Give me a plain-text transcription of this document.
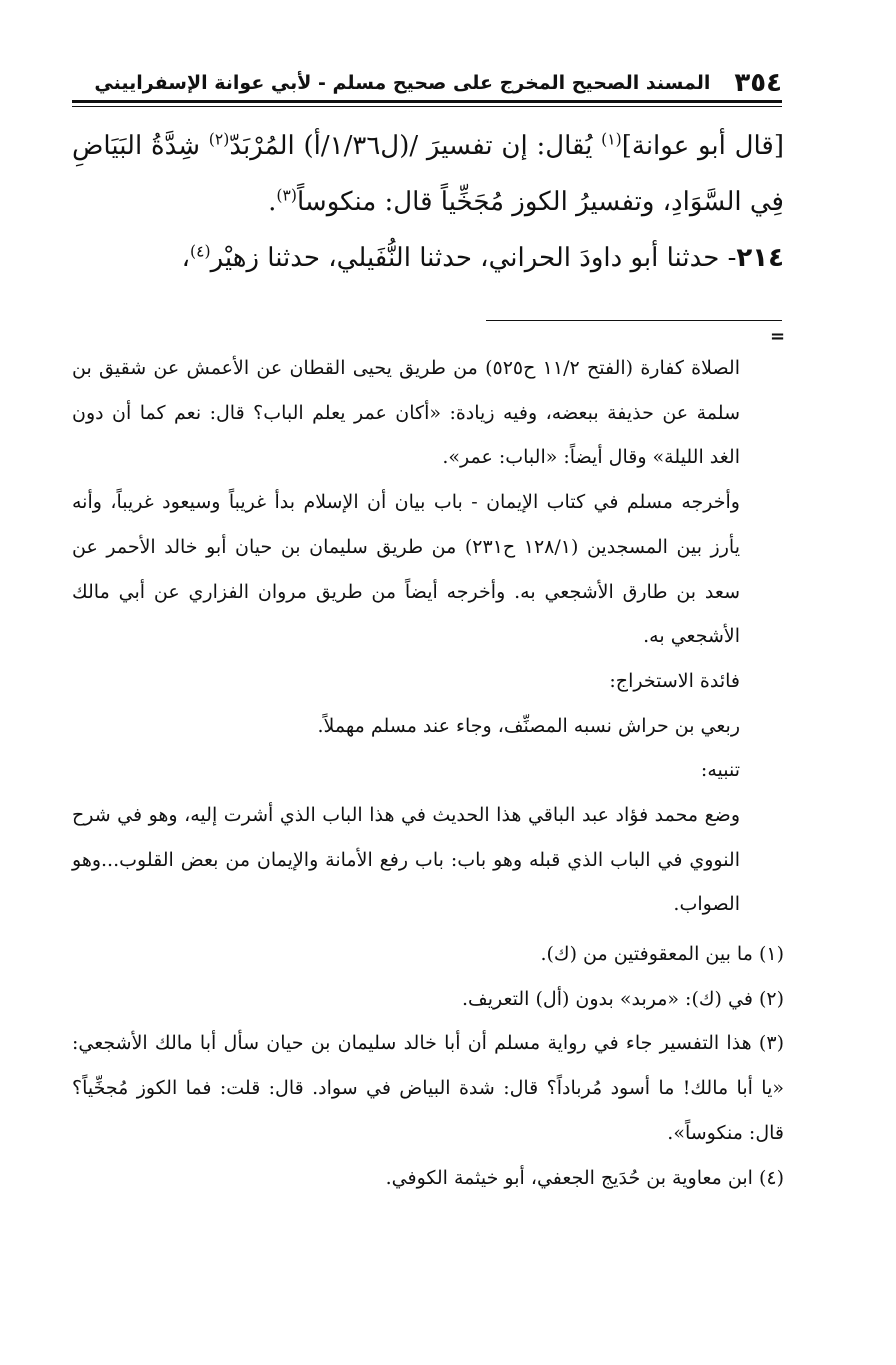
٣٥٤
المسند الصحيح المخرج على صحيح مسلم - لأبي عوانة الإسفراييني

[قال أبو عوانة]$^{(١)}$ يُقال: إن تفسيرَ /(ل١/٣٦/أ) المُرْبَدّ$^{(٢)}$ شِدَّةُ البَيَاضِ فِي السَّوَادِ، وتفسيرُ الكوز مُجَخِّياً قال: منكوساً$^{(٣)}$.

٢١٤- حدثنا أبو داودَ الحراني، حدثنا النُّفَيلي، حدثنا زهيْر$^{(٤)}$،

=

الصلاة كفارة (الفتح ١١/٢ ح٥٢٥) من طريق يحيى القطان عن الأعمش عن شقيق بن سلمة عن حذيفة ببعضه، وفيه زيادة: «أكان عمر يعلم الباب؟ قال: نعم كما أن دون الغد الليلة» وقال أيضاً: «الباب: عمر».

وأخرجه مسلم في كتاب الإيمان - باب بيان أن الإسلام بدأ غريباً وسيعود غريباً، وأنه يأرز بين المسجدين (١٢٨/١ ح٢٣١) من طريق سليمان بن حيان أبو خالد الأحمر عن سعد بن طارق الأشجعي به. وأخرجه أيضاً من طريق مروان الفزاري عن أبي مالك الأشجعي به.

فائدة الاستخراج:

ربعي بن حراش نسبه المصنِّف، وجاء عند مسلم مهملاً.

تنبيه:

وضع محمد فؤاد عبد الباقي هذا الحديث في هذا الباب الذي أشرت إليه، وهو في شرح النووي في الباب الذي قبله وهو باب: باب رفع الأمانة والإيمان من بعض القلوب...وهو الصواب.

(١) ما بين المعقوفتين من (ك).

(٢) في (ك): «مربد» بدون (أل) التعريف.

(٣) هذا التفسير جاء في رواية مسلم أن أبا خالد سليمان بن حيان سأل أبا مالك الأشجعي: «يا أبا مالك! ما أسود مُرباداً؟ قال: شدة البياض في سواد. قال: قلت: فما الكوز مُجخِّياً؟ قال: منكوساً».

(٤) ابن معاوية بن حُدَيج الجعفي، أبو خيثمة الكوفي.
